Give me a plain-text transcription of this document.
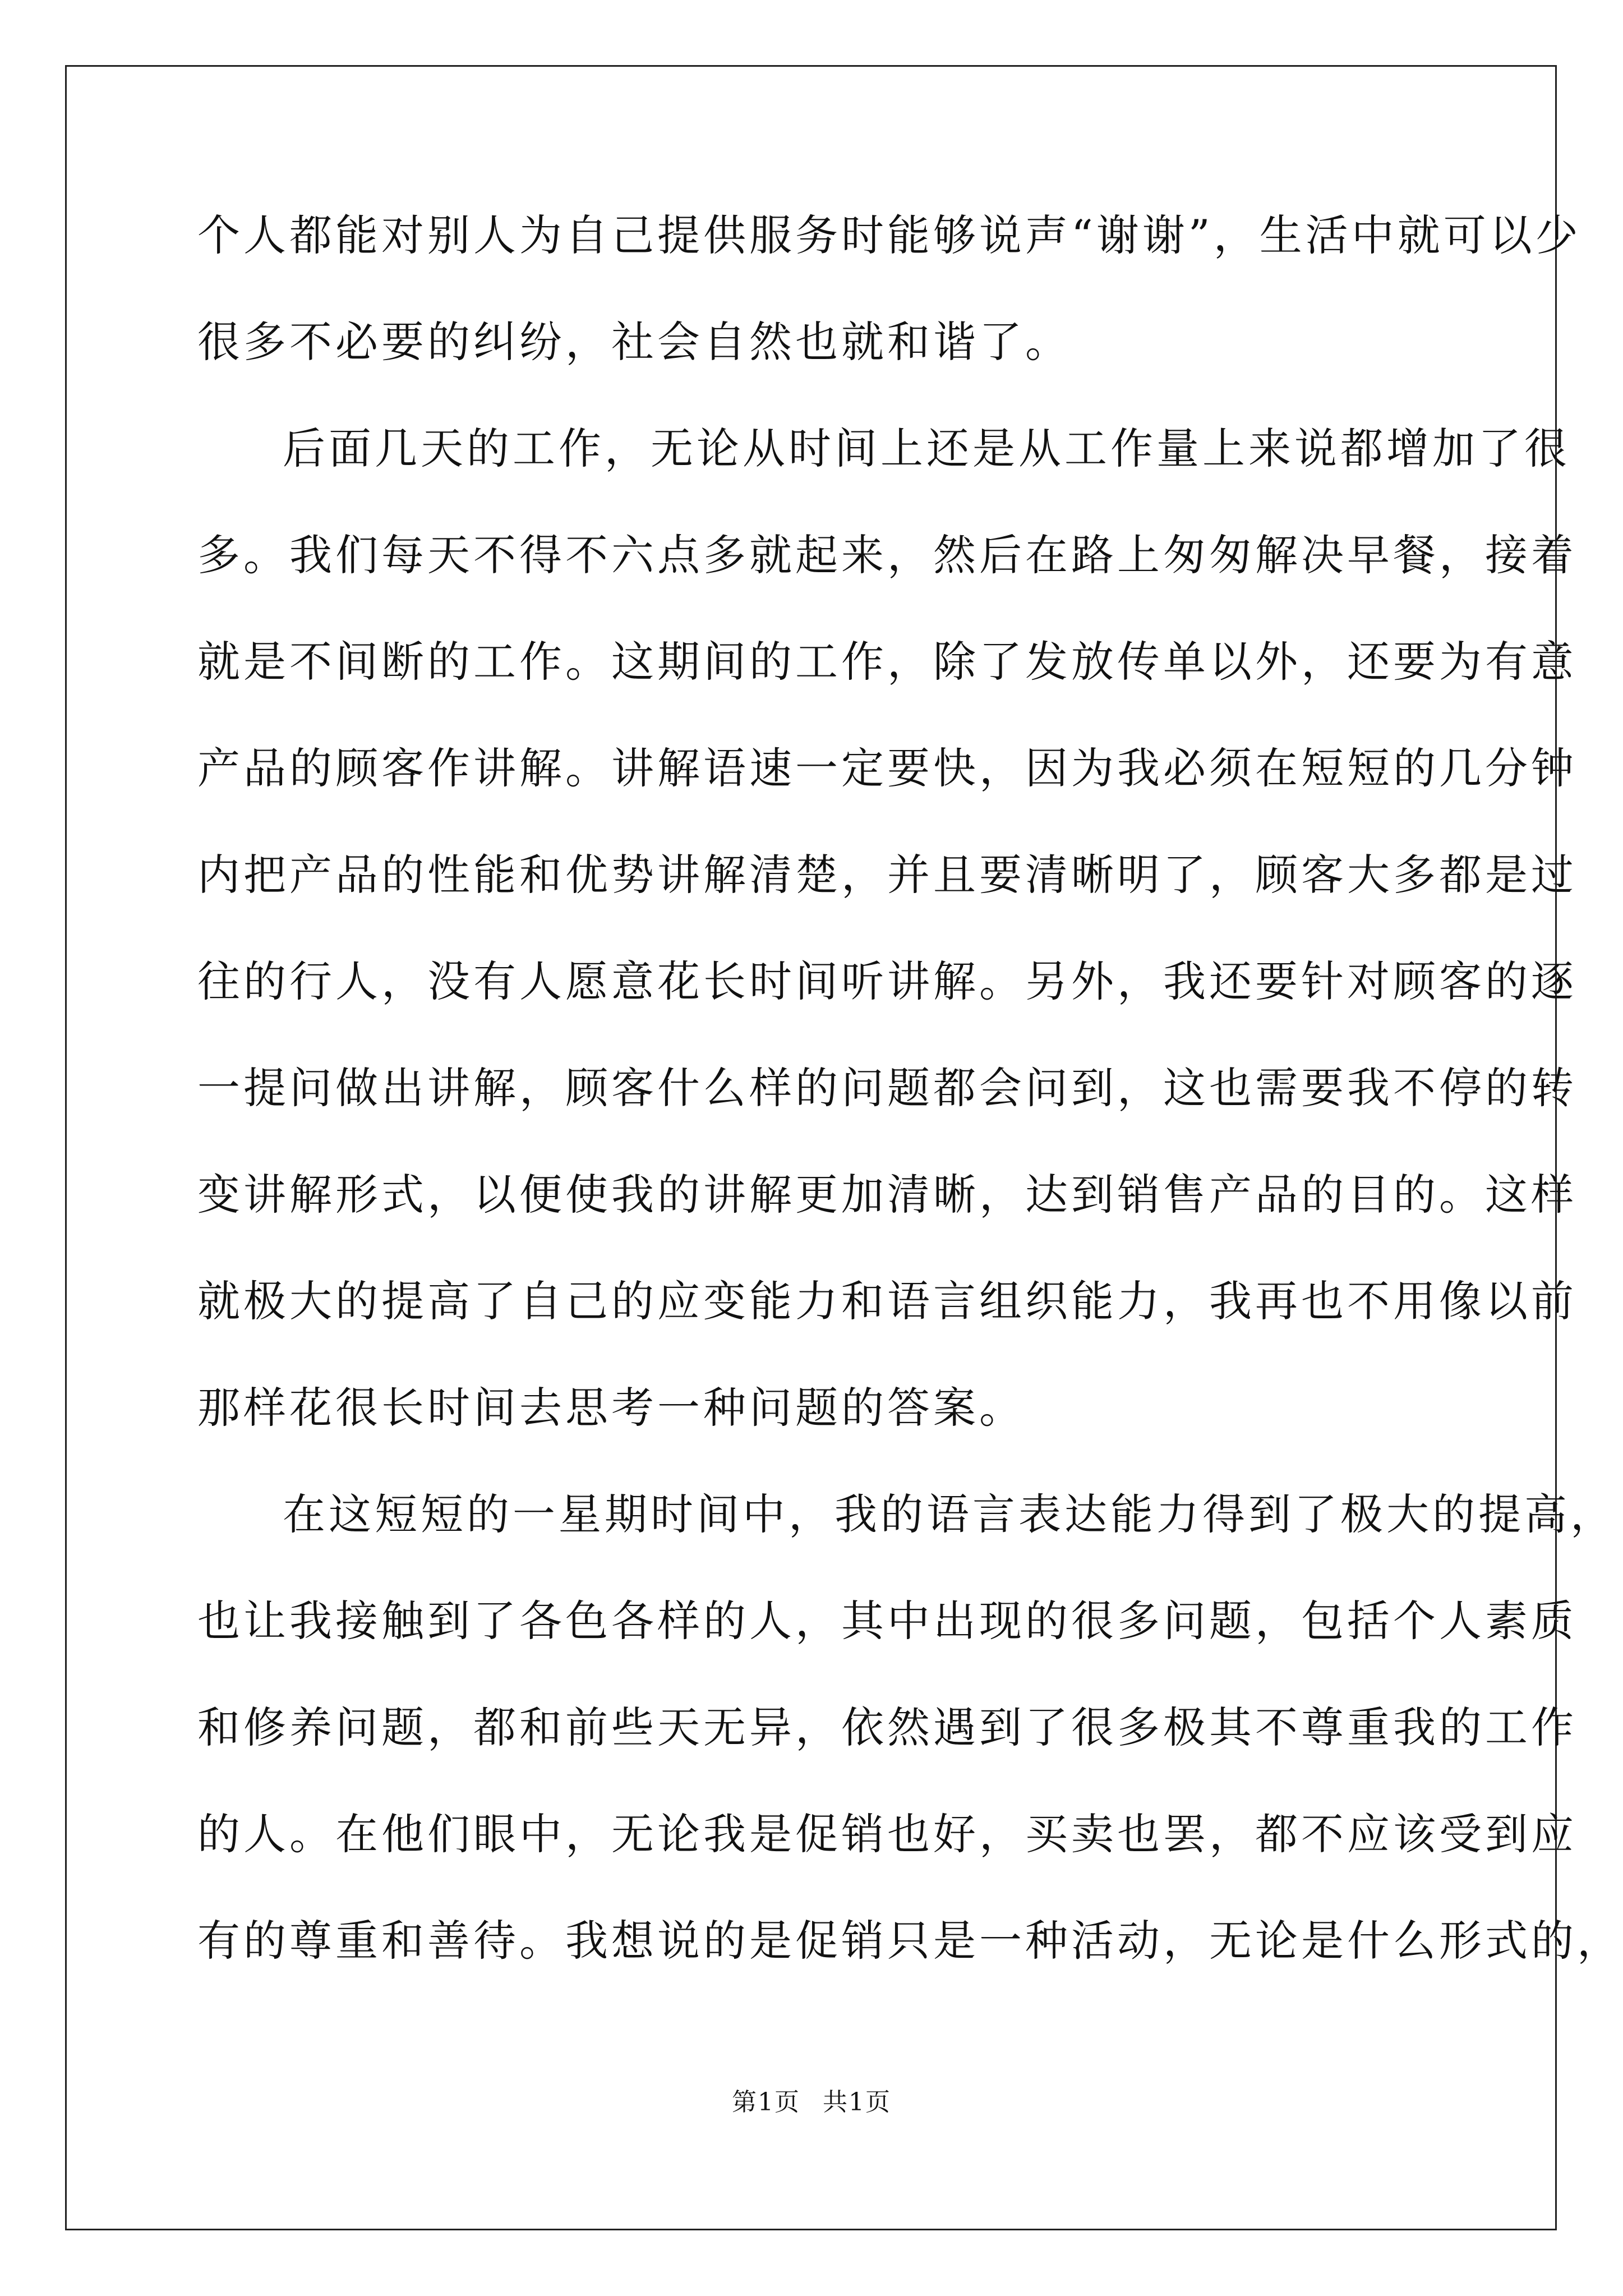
个人都能对别人为自己提供服务时能够说声“谢谢”，生活中就可以少
很多不必要的纠纷，社会自然也就和谐了。
后面几天的工作，无论从时间上还是从工作量上来说都增加了很
多。我们每天不得不六点多就起来，然后在路上匆匆解决早餐，接着
就是不间断的工作。这期间的工作，除了发放传单以外，还要为有意
产品的顾客作讲解。讲解语速一定要快，因为我必须在短短的几分钟
内把产品的性能和优势讲解清楚，并且要清晰明了，顾客大多都是过
往的行人，没有人愿意花长时间听讲解。另外，我还要针对顾客的逐
一提问做出讲解，顾客什么样的问题都会问到，这也需要我不停的转
变讲解形式，以便使我的讲解更加清晰，达到销售产品的目的。这样
就极大的提高了自己的应变能力和语言组织能力，我再也不用像以前
那样花很长时间去思考一种问题的答案。
在这短短的一星期时间中，我的语言表达能力得到了极大的提高，
也让我接触到了各色各样的人，其中出现的很多问题，包括个人素质
和修养问题，都和前些天无异，依然遇到了很多极其不尊重我的工作
的人。在他们眼中，无论我是促销也好，买卖也罢，都不应该受到应
有的尊重和善待。我想说的是促销只是一种活动，无论是什么形式的，
第1页 共1页
